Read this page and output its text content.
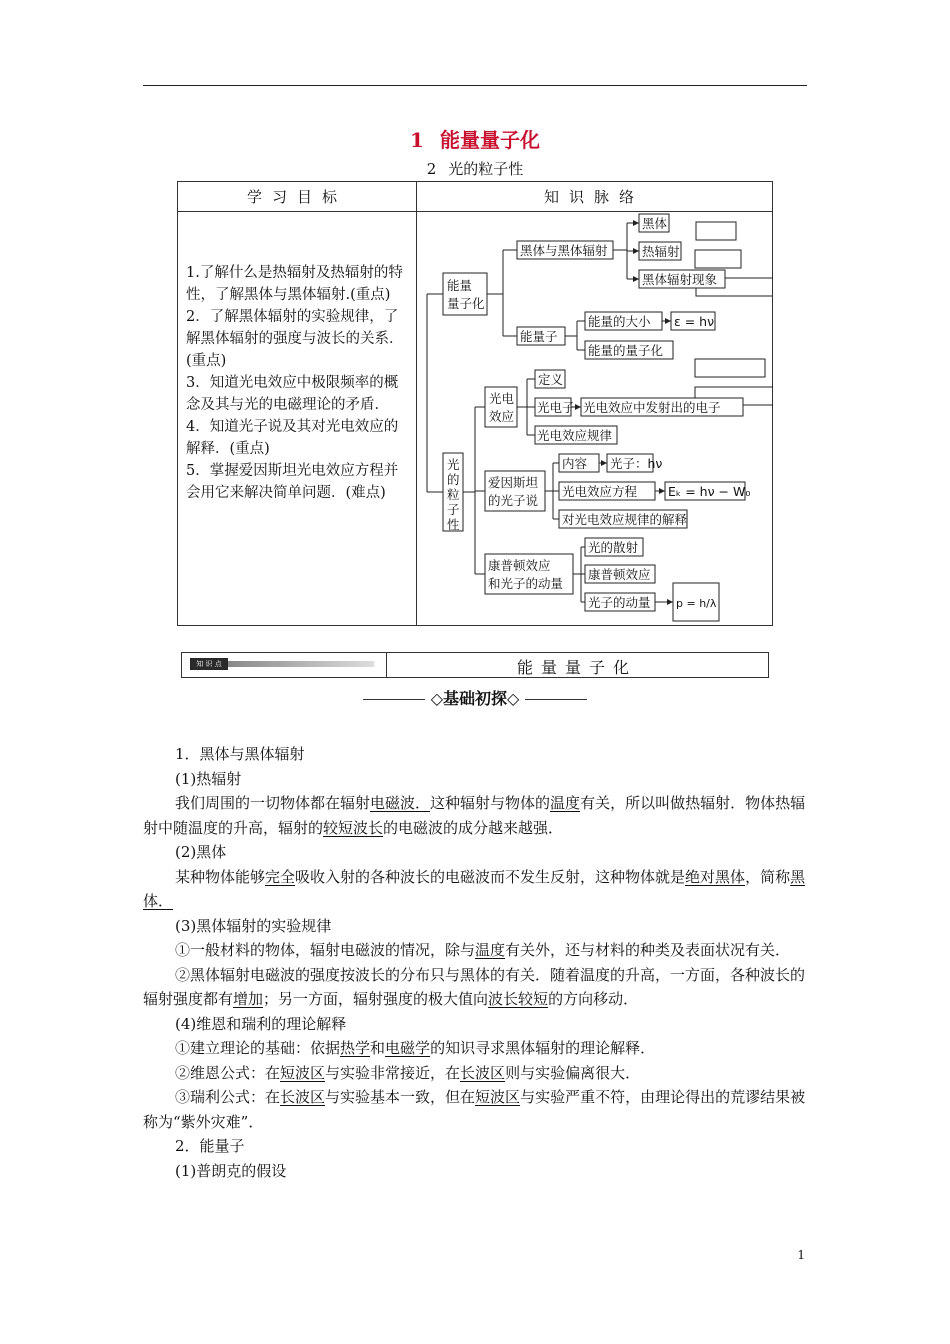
1 能量量子化
2 光的粒子性
学习目标	知识脉络

1.了解什么是热辐射及热辐射的特性，了解黑体与黑体辐射.(重点)

2．了解黑体辐射的实验规律，了解黑体辐射的强度与波长的关系．(重点)

3．知道光电效应中极限频率的概念及其与光的电磁理论的矛盾．

4．知道光子说及其对光电效应的解释．(重点)

5．掌握爱因斯坦光电效应方程并会用它来解决简单问题．(难点)

能量
量子化
黑体与黑体辐射
黑体
热辐射
黑体辐射现象
能量子
能量的大小 ε = hν
能量的量子化
光
的
粒
子
性
光电
效应
定义
光电子 光电效应中发射出的电子
光电效应规律
爱因斯坦
的光子说
内容 光子：hν
光电效应方程 Eₖ = hν − W₀
对光电效应规律的解释
康普顿效应
和光子的动量
光的散射
康普顿效应
光子的动量 p = h/λ
知 识 点	能量量子化
◇基础初探◇

1．黑体与黑体辐射

(1)热辐射

我们周围的一切物体都在辐射电磁波．这种辐射与物体的温度有关，所以叫做热辐射．物体热辐射中随温度的升高，辐射的较短波长的电磁波的成分越来越强．

(2)黑体

某种物体能够完全吸收入射的各种波长的电磁波而不发生反射，这种物体就是绝对黑体，简称黑体．

(3)黑体辐射的实验规律

①一般材料的物体，辐射电磁波的情况，除与温度有关外，还与材料的种类及表面状况有关．

②黑体辐射电磁波的强度按波长的分布只与黑体的有关．随着温度的升高，一方面，各种波长的辐射强度都有增加；另一方面，辐射强度的极大值向波长较短的方向移动．

(4)维恩和瑞利的理论解释

①建立理论的基础：依据热学和电磁学的知识寻求黑体辐射的理论解释．

②维恩公式：在短波区与实验非常接近，在长波区则与实验偏离很大．

③瑞利公式：在长波区与实验基本一致，但在短波区与实验严重不符，由理论得出的荒谬结果被称为“紫外灾难”．

2．能量子

(1)普朗克的假设

1
